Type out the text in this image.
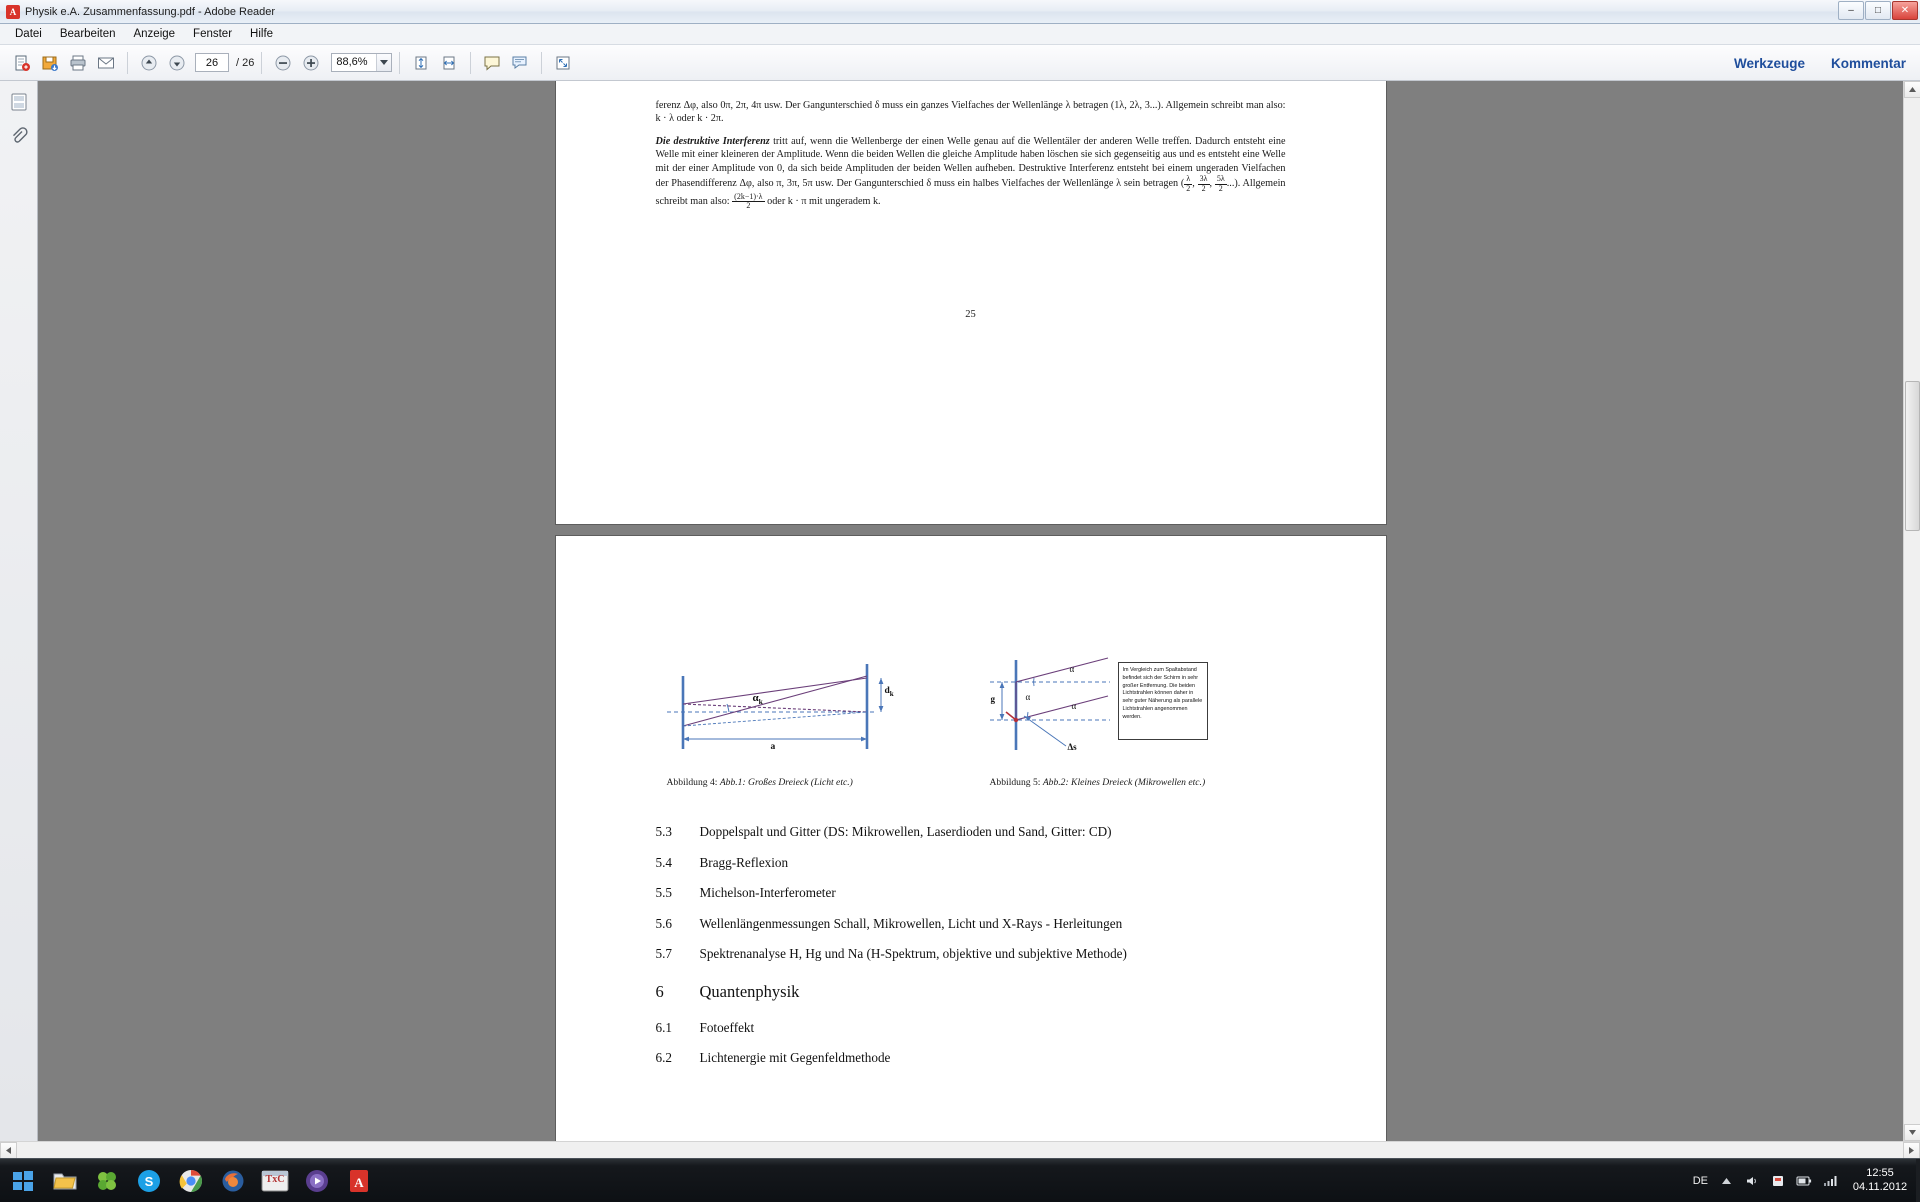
A
Physik e.A. Zusammenfassung.pdf - Adobe Reader	–	□	✕
Datei	Bearbeiten	Anzeige	Fenster	Hilfe
26
/ 26	88,6%	Werkzeuge Kommentar

ferenz Δφ, also 0π, 2π, 4π usw. Der Gangunterschied δ muss ein ganzes Vielfaches der Wellenlänge λ betragen (1λ, 2λ, 3...). Allgemein schreibt man also: k · λ oder k · 2π.

Die destruktive Interferenz tritt auf, wenn die Wellenberge der einen Welle genau auf die Wellentäler der anderen Welle treffen. Dadurch entsteht eine Welle mit einer kleineren der Amplitude. Wenn die beiden Wellen die gleiche Amplitude haben löschen sie sich gegenseitig aus und es entsteht eine Welle mit der einer Amplitude von 0, da sich beide Amplituden der beiden Wellen aufheben. Destruktive Interferenz entsteht bei einem ungeraden Vielfachen der Phasendifferenz Δφ, also π, 3π, 5π usw. Der Gangunterschied δ muss ein halbes Vielfaches der Wellenlänge λ sein betragen ( $\frac{\lambda}{2}$ , $\frac{3\lambda}{2}$ , $\frac{5\lambda}{2}$ ...). Allgemein schreibt man also: $\frac{(2k-1)\cdot\lambda}{2}$ oder k · π mit ungeradem k.

25
$\alpha_k$
a
$d_k$
Abbildung 4: Abb.1: Großes Dreieck (Licht etc.)
α
α
α
g
Δs
Im Vergleich zum Spaltabstand befindet sich der Schirm in sehr großer Entfernung. Die beiden Lichtstrahlen können daher in sehr guter Näherung als parallele Lichtstrahlen angenommen werden.
Abbildung 5: Abb.2: Kleines Dreieck (Mikrowellen etc.)
5.3	Doppelspalt und Gitter (DS: Mikrowellen, Laserdioden und Sand, Gitter: CD)
5.4	Bragg-Reflexion
5.5	Michelson-Interferometer
5.6	Wellenlängenmessungen Schall, Mikrowellen, Licht und X-Rays - Herleitungen
5.7	Spektrenanalyse H, Hg und Na (H-Spektrum, objektive und subjektive Methode)
6	Quantenphysik
6.1	Fotoeffekt
6.2	Lichtenergie mit Gegenfeldmethode
S	TxC	A	DE
12:55
04.11.2012
